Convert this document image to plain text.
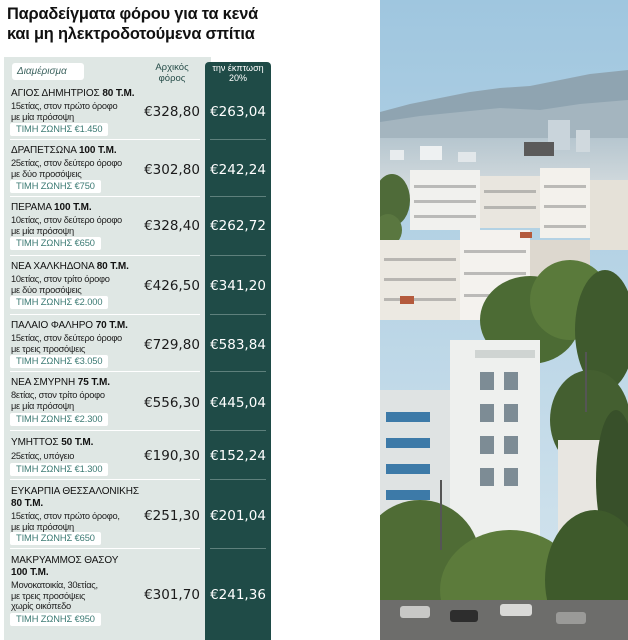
Παραδείγματα φόρου για τα κενά
και μη ηλεκτροδοτούμενα σπίτια
Διαμέρισμα	Αρχικός
φόρος
Φόρος μετά
την έκπτωση
20%
ΑΓΙΟΣ ΔΗΜΗΤΡΙΟΣ 80 Τ.Μ.
15ετίας, στον πρώτο όροφο
με μία πρόσοψη
ΤΙΜΗ ΖΩΝΗΣ €1.450
€328,80 €263,04
ΔΡΑΠΕΤΣΩΝΑ 100 Τ.Μ.
25ετίας, στον δεύτερο όροφο
με δύο προσόψεις
ΤΙΜΗ ΖΩΝΗΣ €750
€302,80 €242,24
ΠΕΡΑΜΑ 100 Τ.Μ.
10ετίας, στον δεύτερο όροφο
με μία πρόσοψη
ΤΙΜΗ ΖΩΝΗΣ €650
€328,40 €262,72
ΝΕΑ ΧΑΛΚΗΔΟΝΑ 80 Τ.Μ.
10ετίας, στον τρίτο όροφο
με δύο προσόψεις
ΤΙΜΗ ΖΩΝΗΣ €2.000
€426,50 €341,20
ΠΑΛΑΙΟ ΦΑΛΗΡΟ 70 Τ.Μ.
15ετίας, στον δεύτερο όροφο
με τρεις προσόψεις
ΤΙΜΗ ΖΩΝΗΣ €3.050
€729,80 €583,84
ΝΕΑ ΣΜΥΡΝΗ 75 Τ.Μ.
8ετίας, στον τρίτο όροφο
με μία πρόσοψη
ΤΙΜΗ ΖΩΝΗΣ €2.300
€556,30 €445,04
ΥΜΗΤΤΟΣ 50 Τ.Μ.
25ετίας, υπόγειο
ΤΙΜΗ ΖΩΝΗΣ €1.300
€190,30 €152,24
ΕΥΚΑΡΠΙΑ ΘΕΣΣΑΛΟΝΙΚΗΣ
80 Τ.Μ.
15ετίας, στον πρώτο όροφο,
με μία πρόσοψη
ΤΙΜΗ ΖΩΝΗΣ €650
€251,30 €201,04
ΜΑΚΡΥΑΜΜΟΣ ΘΑΣΟΥ
100 Τ.Μ.
Μονοκατοικία, 30ετίας,
με τρεις προσόψεις
χωρίς οικόπεδο
ΤΙΜΗ ΖΩΝΗΣ €950
€301,70 €241,36
